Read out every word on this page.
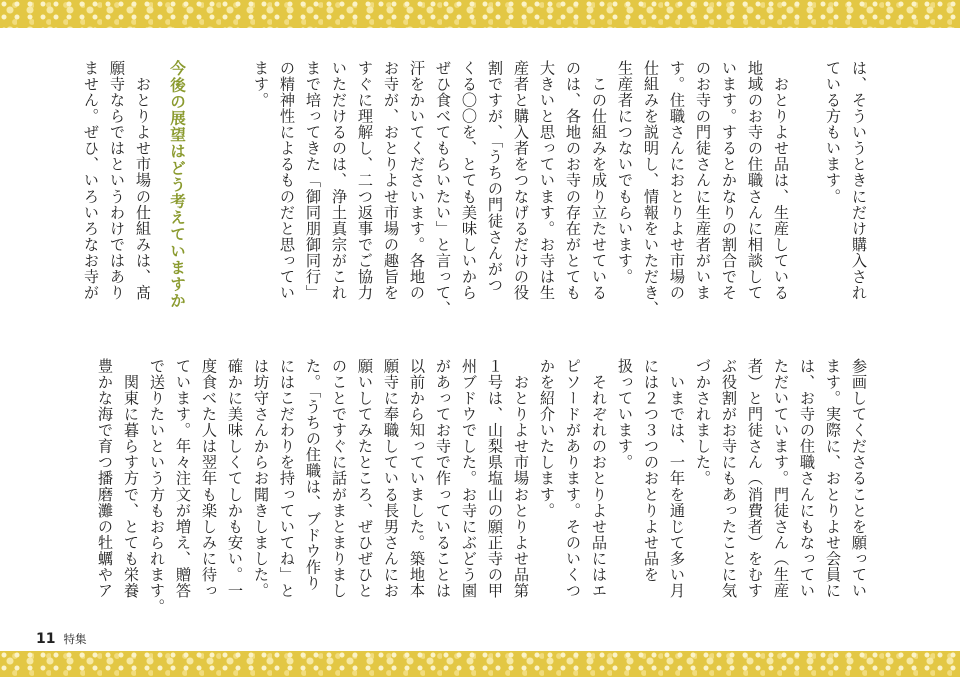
は、そういうときにだけ購入され
ている方もいます。

　おとりよせ品は、生産している
地域のお寺の住職さんに相談して
います。するとかなりの割合でそ
のお寺の門徒さんに生産者がいま
す。住職さんにおとりよせ市場の
仕組みを説明し、情報をいただき、
生産者につないでもらいます。
　この仕組みを成り立たせている
のは、各地のお寺の存在がとても
大きいと思っています。お寺は生
産者と購入者をつなげるだけの役
割ですが、「うちの門徒さんがつ
くる〇〇を、とても美味しいから
ぜひ食べてもらいたい」と言って、
汗をかいてくださいます。各地の
お寺が、おとりよせ市場の趣旨を
すぐに理解し、二つ返事でご協力
いただけるのは、浄土真宗がこれ
まで培ってきた「御同朋御同行」
の精神性によるものだと思ってい
ます。
今後の展望はどう考えていますか
　おとりよせ市場の仕組みは、髙
願寺ならではというわけではあり
ません。ぜひ、いろいろなお寺が
参画してくださることを願ってい
ます。実際に、おとりよせ会員に
は、お寺の住職さんにもなってい
ただいています。門徒さん（生産
者）と門徒さん（消費者）をむす
ぶ役割がお寺にもあったことに気
づかされました。
　いまでは、一年を通じて多い月
には２つ３つのおとりよせ品を
扱っています。
　それぞれのおとりよせ品にはエ
ピソードがあります。そのいくつ
かを紹介いたします。
　おとりよせ市場おとりよせ品第
１号は、山梨県塩山の願正寺の甲
州ブドウでした。お寺にぶどう園
があってお寺で作っていることは
以前から知っていました。築地本
願寺に奉職している長男さんにお
願いしてみたところ、ぜひぜひと
のことですぐに話がまとまりまし
た。「うちの住職は、ブドウ作り
にはこだわりを持っていてね」と
は坊守さんからお聞きしました。
確かに美味しくてしかも安い。一
度食べた人は翌年も楽しみに待っ
ています。年々注文が増え、贈答
で送りたいという方もおられます。
　関東に暮らす方で、とても栄養
豊かな海で育つ播磨灘の牡蠣やア
11 特集
